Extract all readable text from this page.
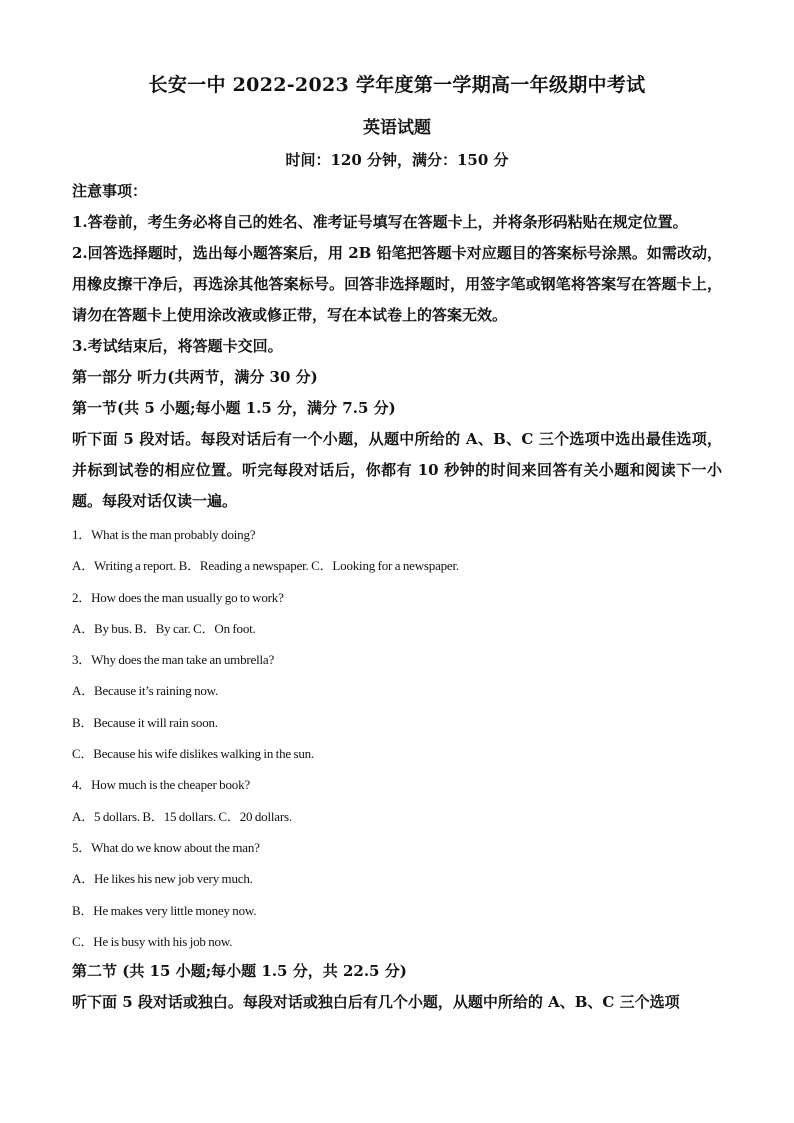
长安一中 2022-2023 学年度第一学期高一年级期中考试
英语试题
时间：120 分钟，满分：150 分
注意事项：
1.答卷前，考生务必将自己的姓名、准考证号填写在答题卡上，并将条形码粘贴在规定位置。
2.回答选择题时，选出每小题答案后，用 2B 铅笔把答题卡对应题目的答案标号涂黑。如需改动，用橡皮擦干净后，再选涂其他答案标号。回答非选择题时，用签字笔或钢笔将答案写在答题卡上，请勿在答题卡上使用涂改液或修正带，写在本试卷上的答案无效。
3.考试结束后，将答题卡交回。
第一部分 听力(共两节，满分 30 分)
第一节(共 5 小题;每小题 1.5 分，满分 7.5 分)
听下面 5 段对话。每段对话后有一个小题，从题中所给的 A、B、C 三个选项中选出最佳选项，并标到试卷的相应位置。听完每段对话后，你都有 10 秒钟的时间来回答有关小题和阅读下一小题。每段对话仅读一遍。
1．What is the man probably doing?
A．Writing a report. B．Reading a newspaper. C．Looking for a newspaper.
2．How does the man usually go to work?
A．By bus. B．By car. C．On foot.
3．Why does the man take an umbrella?
A．Because it’s raining now.
B．Because it will rain soon.
C．Because his wife dislikes walking in the sun.
4．How much is the cheaper book?
A．5 dollars. B．15 dollars. C．20 dollars.
5．What do we know about the man?
A．He likes his new job very much.
B．He makes very little money now.
C．He is busy with his job now.
第二节 (共 15 小题;每小题 1.5 分，共 22.5 分)
听下面 5 段对话或独白。每段对话或独白后有几个小题，从题中所给的 A、B、C 三个选项
